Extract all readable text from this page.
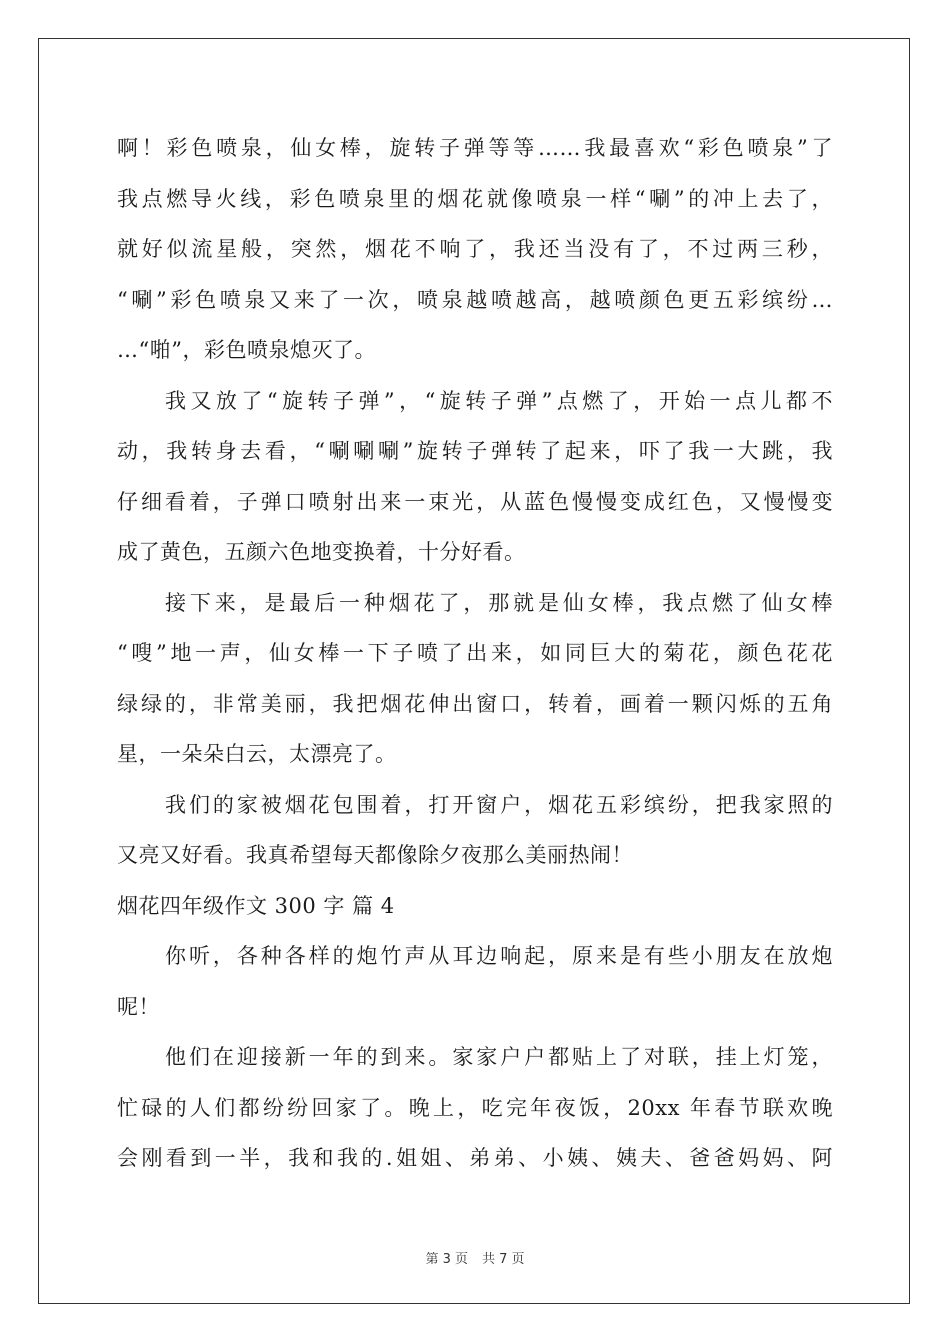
啊！彩色喷泉，仙女棒，旋转子弹等等……我最喜欢“彩色喷泉”了
我点燃导火线，彩色喷泉里的烟花就像喷泉一样“唰”的冲上去了，
就好似流星般，突然，烟花不响了，我还当没有了，不过两三秒，
“唰”彩色喷泉又来了一次，喷泉越喷越高，越喷颜色更五彩缤纷…
…“啪”，彩色喷泉熄灭了。
我又放了“旋转子弹”，“旋转子弹”点燃了，开始一点儿都不
动，我转身去看，“唰唰唰”旋转子弹转了起来，吓了我一大跳，我
仔细看着，子弹口喷射出来一束光，从蓝色慢慢变成红色，又慢慢变
成了黄色，五颜六色地变换着，十分好看。
接下来，是最后一种烟花了，那就是仙女棒，我点燃了仙女棒
“嗖”地一声，仙女棒一下子喷了出来，如同巨大的菊花，颜色花花
绿绿的，非常美丽，我把烟花伸出窗口，转着，画着一颗闪烁的五角
星，一朵朵白云，太漂亮了。
我们的家被烟花包围着，打开窗户，烟花五彩缤纷，把我家照的
又亮又好看。我真希望每天都像除夕夜那么美丽热闹！
烟花四年级作文 300 字 篇 4
你听，各种各样的炮竹声从耳边响起，原来是有些小朋友在放炮
呢！
他们在迎接新一年的到来。家家户户都贴上了对联，挂上灯笼，
忙碌的人们都纷纷回家了。晚上，吃完年夜饭，20xx 年春节联欢晚
会刚看到一半，我和我的.姐姐、弟弟、小姨、姨夫、爸爸妈妈、阿
第 3 页 共 7 页
